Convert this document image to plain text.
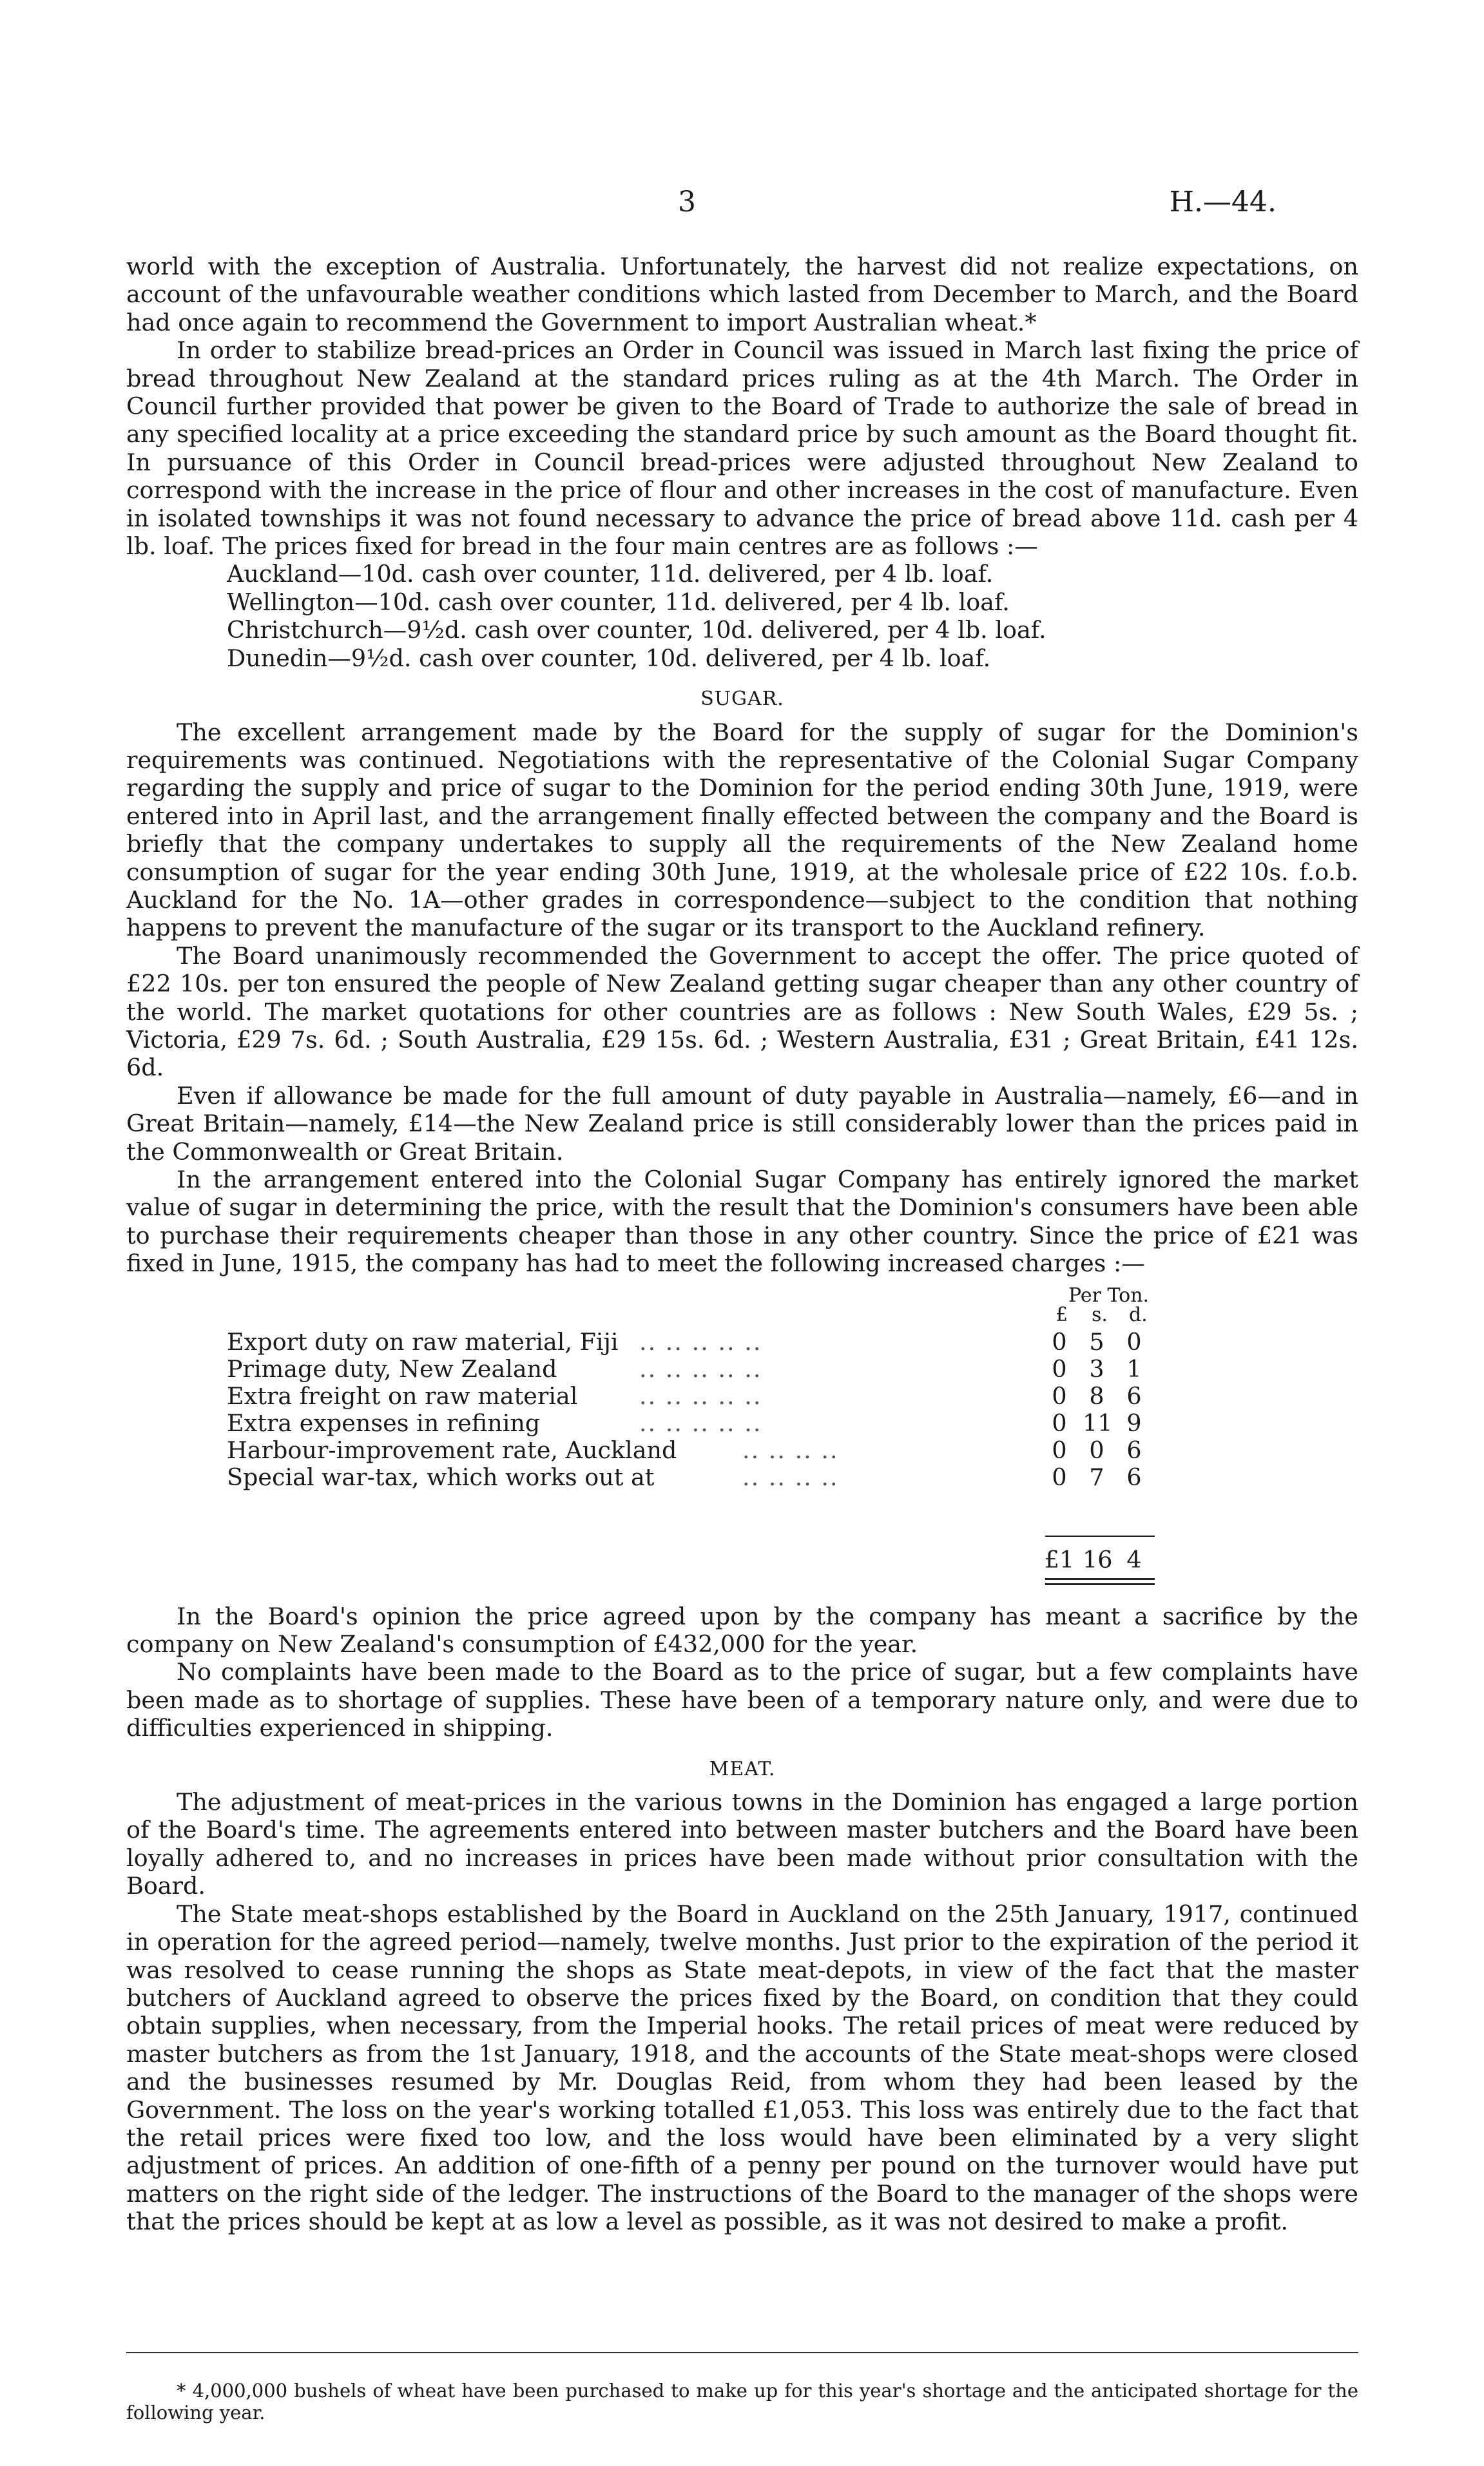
3	H.—44.

world with the exception of Australia. Unfortunately, the harvest did not realize expectations, on account of the unfavourable weather conditions which lasted from December to March, and the Board had once again to recommend the Government to import Australian wheat.*

In order to stabilize bread-prices an Order in Council was issued in March last fixing the price of bread throughout New Zealand at the standard prices ruling as at the 4th March. The Order in Council further provided that power be given to the Board of Trade to authorize the sale of bread in any specified locality at a price exceeding the standard price by such amount as the Board thought fit. In pursuance of this Order in Council bread-prices were adjusted throughout New Zealand to correspond with the increase in the price of flour and other increases in the cost of manufacture. Even in isolated townships it was not found necessary to advance the price of bread above 11d. cash per 4 lb. loaf. The prices fixed for bread in the four main centres are as follows :—

Auckland—10d. cash over counter, 11d. delivered, per 4 lb. loaf.
Wellington—10d. cash over counter, 11d. delivered, per 4 lb. loaf.
Christchurch—9½d. cash over counter, 10d. delivered, per 4 lb. loaf.
Dunedin—9½d. cash over counter, 10d. delivered, per 4 lb. loaf.
SUGAR.

The excellent arrangement made by the Board for the supply of sugar for the Dominion's requirements was continued. Negotiations with the representative of the Colonial Sugar Company regarding the supply and price of sugar to the Dominion for the period ending 30th June, 1919, were entered into in April last, and the arrangement finally effected between the company and the Board is briefly that the company undertakes to supply all the requirements of the New Zealand home consumption of sugar for the year ending 30th June, 1919, at the wholesale price of £22 10s. f.o.b. Auckland for the No. 1A—other grades in correspondence—subject to the condition that nothing happens to prevent the manufacture of the sugar or its transport to the Auckland refinery.

The Board unanimously recommended the Government to accept the offer. The price quoted of £22 10s. per ton ensured the people of New Zealand getting sugar cheaper than any other country of the world. The market quotations for other countries are as follows : New South Wales, £29 5s. ; Victoria, £29 7s. 6d. ; South Australia, £29 15s. 6d. ; Western Australia, £31 ; Great Britain, £41 12s. 6d.

Even if allowance be made for the full amount of duty payable in Australia—namely, £6—and in Great Britain—namely, £14—the New Zealand price is still considerably lower than the prices paid in the Commonwealth or Great Britain.

In the arrangement entered into the Colonial Sugar Company has entirely ignored the market value of sugar in determining the price, with the result that the Dominion's consumers have been able to purchase their requirements cheaper than those in any other country. Since the price of £21 was fixed in June, 1915, the company has had to meet the following increased charges :—

Per Ton.
£ s. d.
.. .. .. .. ..
Export duty on raw material, Fiji	0 5 0
.. .. .. .. ..
Primage duty, New Zealand	0 3 1
.. .. .. .. ..
Extra freight on raw material	0 8 6
.. .. .. .. ..
Extra expenses in refining	0 11 9
.. .. .. ..
Harbour-improvement rate, Auckland	0 0 6
.. .. .. ..
Special war-tax, which works out at	0 7 6
£1 16 4

In the Board's opinion the price agreed upon by the company has meant a sacrifice by the company on New Zealand's consumption of £432,000 for the year.

No complaints have been made to the Board as to the price of sugar, but a few complaints have been made as to shortage of supplies. These have been of a temporary nature only, and were due to difficulties experienced in shipping.

MEAT.

The adjustment of meat-prices in the various towns in the Dominion has engaged a large portion of the Board's time. The agreements entered into between master butchers and the Board have been loyally adhered to, and no increases in prices have been made without prior consultation with the Board.

The State meat-shops established by the Board in Auckland on the 25th January, 1917, continued in operation for the agreed period—namely, twelve months. Just prior to the expiration of the period it was resolved to cease running the shops as State meat-depots, in view of the fact that the master butchers of Auckland agreed to observe the prices fixed by the Board, on condition that they could obtain supplies, when necessary, from the Imperial hooks. The retail prices of meat were reduced by master butchers as from the 1st January, 1918, and the accounts of the State meat-shops were closed and the businesses resumed by Mr. Douglas Reid, from whom they had been leased by the Government. The loss on the year's working totalled £1,053. This loss was entirely due to the fact that the retail prices were fixed too low, and the loss would have been eliminated by a very slight adjustment of prices. An addition of one-fifth of a penny per pound on the turnover would have put matters on the right side of the ledger. The instructions of the Board to the manager of the shops were that the prices should be kept at as low a level as possible, as it was not desired to make a profit.

* 4,000,000 bushels of wheat have been purchased to make up for this year's shortage and the anticipated shortage for the following year.
